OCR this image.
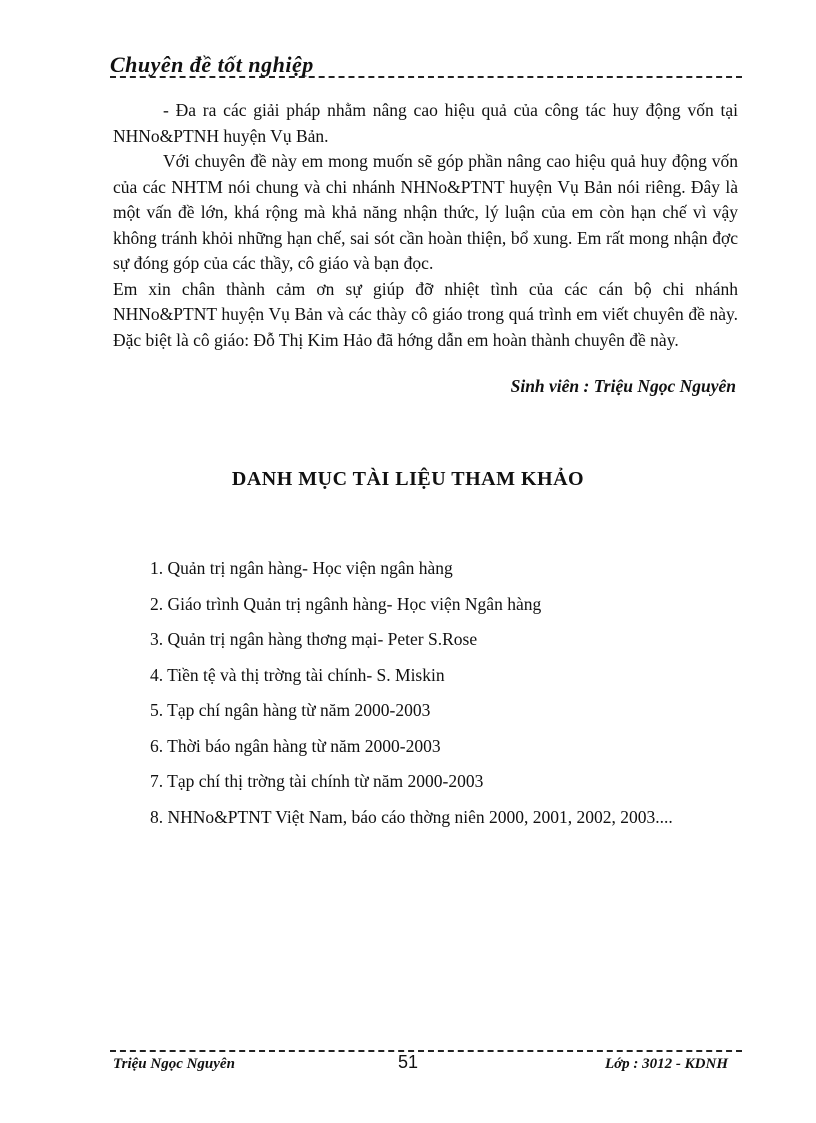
Chuyên đề tốt nghiệp

- Đa ra các giải pháp nhằm nâng cao hiệu quả của công tác huy động vốn tại NHNo&PTNH huyện Vụ Bản.

Với chuyên đề này em mong muốn sẽ góp phần nâng cao hiệu quả huy động vốn của các NHTM nói chung và chi nhánh NHNo&PTNT huyện Vụ Bản nói riêng. Đây là một vấn đề lớn, khá rộng mà khả năng nhận thức, lý luận của em còn hạn chế vì vậy không tránh khỏi những hạn chế, sai sót cần hoàn thiện, bổ xung. Em rất mong nhận đợc sự đóng góp của các thầy, cô giáo và bạn đọc.

Em xin chân thành cảm ơn sự giúp đỡ nhiệt tình của các cán bộ chi nhánh NHNo&PTNT huyện Vụ Bản và các thày cô giáo trong quá trình em viết chuyên đề này. Đặc biệt là cô giáo: Đỗ Thị Kim Hảo đã hớng dẫn em hoàn thành chuyên đề này.

Sinh viên : Triệu Ngọc Nguyên
DANH MỤC TÀI LIỆU THAM KHẢO
1. Quản trị ngân hàng- Học viện ngân hàng
2. Giáo trình Quản trị ngânh hàng- Học viện Ngân hàng
3. Quản trị ngân hàng thơng mại- Peter S.Rose
4. Tiền tệ và thị trờng tài chính- S. Miskin
5. Tạp chí ngân hàng từ năm 2000-2003
6. Thời báo ngân hàng từ năm 2000-2003
7. Tạp chí thị trờng tài chính từ năm 2000-2003
8. NHNo&PTNT Việt Nam, báo cáo thờng niên 2000, 2001, 2002, 2003....
Triệu Ngọc Nguyên	51	Lớp : 3012 - KDNH
